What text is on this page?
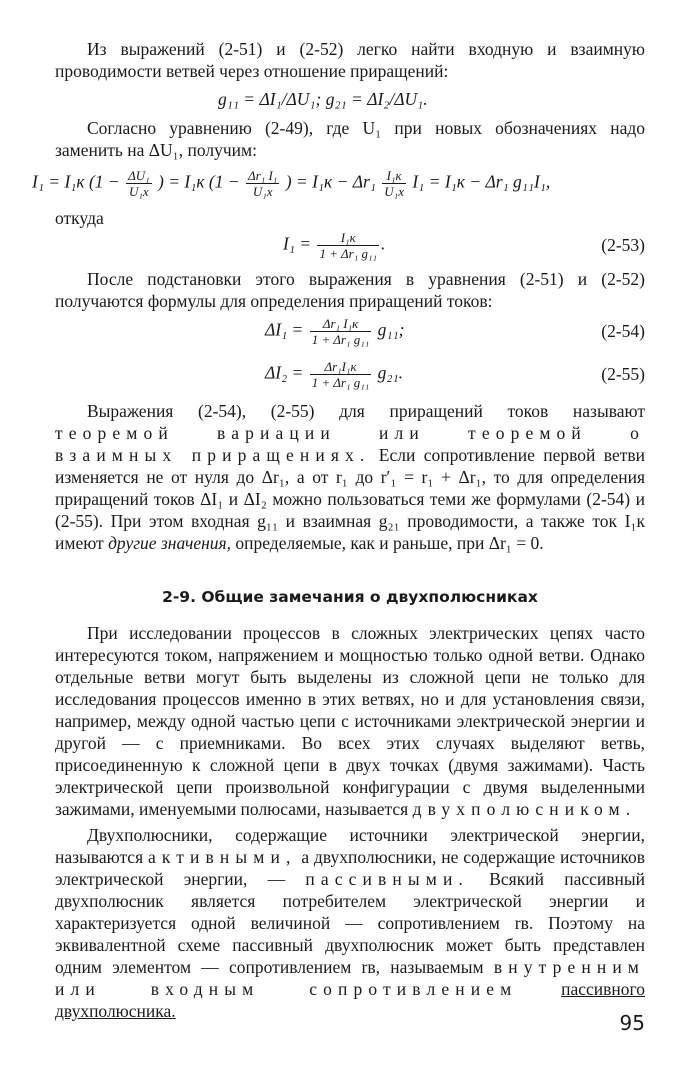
Из выражений (2-51) и (2-52) легко найти входную и взаимную проводимости ветвей через отношение приращений:

g₁₁ = ΔI₁/ΔU₁; g₂₁ = ΔI₂/ΔU₁.

Согласно уравнению (2-49), где U₁ при новых обозначениях надо заменить на ΔU₁, получим:

I₁ = I₁к ($1 - \frac{\text{ΔU₁}}{\text{U₁х}}$ ) = I₁к ($1 - \frac{\text{Δr₁ I₁}}{\text{U₁х}}$ ) = $I_1к - \Delta r_1 \frac{\text{I₁к}}{\text{U₁х}} I_1 = I_1к - \Delta r_1$ g₁₁I₁,

откуда

$I_1 = \frac{\text{I₁к}}{\text{1 + Δr₁ g₁₁}}$ .	(2-53)

После подстановки этого выражения в уравнения (2-51) и (2-52) получаются формулы для определения приращений токов:

$\Delta I_1 = \frac{\text{Δr₁ I₁к}}{\text{1 + Δr₁ g₁₁}} g_{11}$;	(2-54)
$\Delta I_2 = \frac{\text{Δr₁I₁к}}{\text{1 + Δr₁ g₁₁}} g_{21}$.	(2-55)

Выражения (2-54), (2-55) для приращений токов называют теоремой вариации или теоремой о взаимных приращениях. Если сопротивление первой ветви изменяется не от нуля до Δr₁, а от r₁ до r′₁ = r₁ + Δr₁, то для определения приращений токов ΔI₁ и ΔI₂ можно пользоваться теми же формулами (2-54) и (2-55). При этом входная g₁₁ и взаимная g₂₁ проводимости, а также ток I₁к имеют другие значения, определяемые, как и раньше, при Δr₁ = 0.

2-9. Общие замечания о двухполюсниках

При исследовании процессов в сложных электрических цепях часто интересуются током, напряжением и мощностью только одной ветви. Однако отдельные ветви могут быть выделены из сложной цепи не только для исследования процессов именно в этих ветвях, но и для установления связи, например, между одной частью цепи с источниками электрической энергии и другой — с приемниками. Во всех этих случаях выделяют ветвь, присоединенную к сложной цепи в двух точках (двумя зажимами). Часть электрической цепи произвольной конфигурации с двумя выделенными зажимами, именуемыми полюсами, называется двухполюсником.

Двухполюсники, содержащие источники электрической энергии, называются активными, а двухполюсники, не содержащие источников электрической энергии, — пассивными. Всякий пассивный двухполюсник является потребителем электрической энергии и характеризуется одной величиной — сопротивлением rв. Поэтому на эквивалентной схеме пассивный двухполюсник может быть представлен одним элементом — сопротивлением rв, называемым внутренним или входным сопротивлением	пассивного двухполюсника.	95
